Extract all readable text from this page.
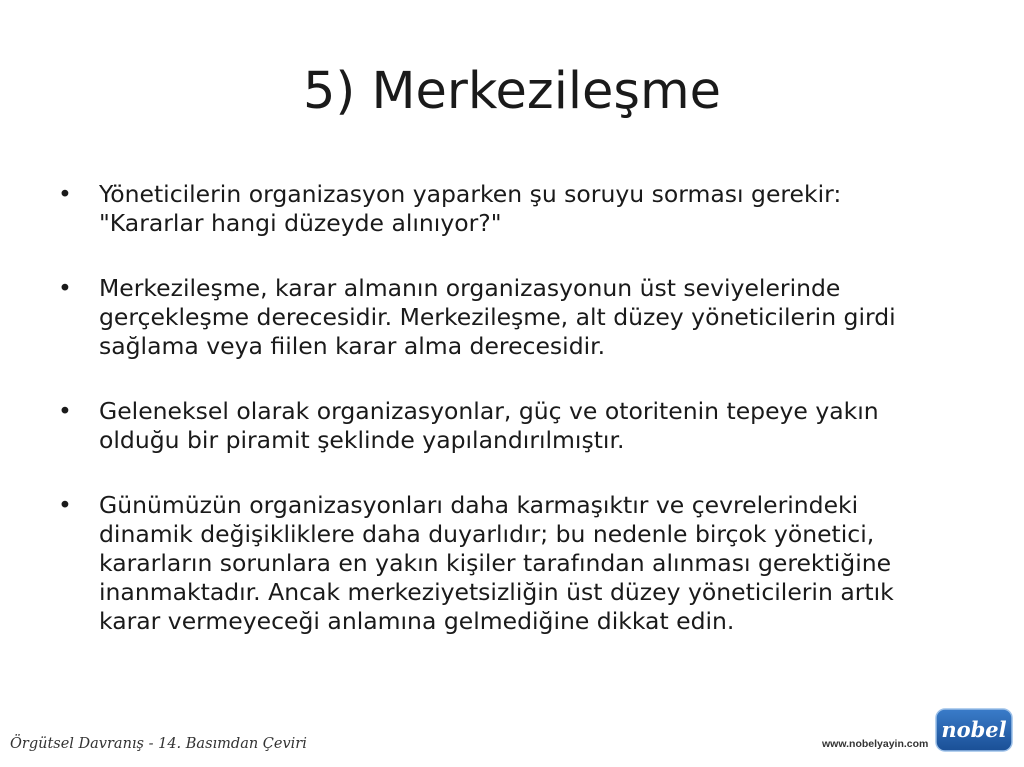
5) Merkezileşme
• Yöneticilerin organizasyon yaparken şu soruyu sorması gerekir:
"Kararlar hangi düzeyde alınıyor?"
• Merkezileşme, karar almanın organizasyonun üst seviyelerinde
gerçekleşme derecesidir. Merkezileşme, alt düzey yöneticilerin girdi
sağlama veya fiilen karar alma derecesidir.
• Geleneksel olarak organizasyonlar, güç ve otoritenin tepeye yakın
olduğu bir piramit şeklinde yapılandırılmıştır.
• Günümüzün organizasyonları daha karmaşıktır ve çevrelerindeki
dinamik değişikliklere daha duyarlıdır; bu nedenle birçok yönetici,
kararların sorunlara en yakın kişiler tarafından alınması gerektiğine
inanmaktadır. Ancak merkeziyetsizliğin üst düzey yöneticilerin artık
karar vermeyeceği anlamına gelmediğine dikkat edin.
Örgütsel Davranış - 14. Basımdan Çeviri	www.nobelyayin.com
nobel
